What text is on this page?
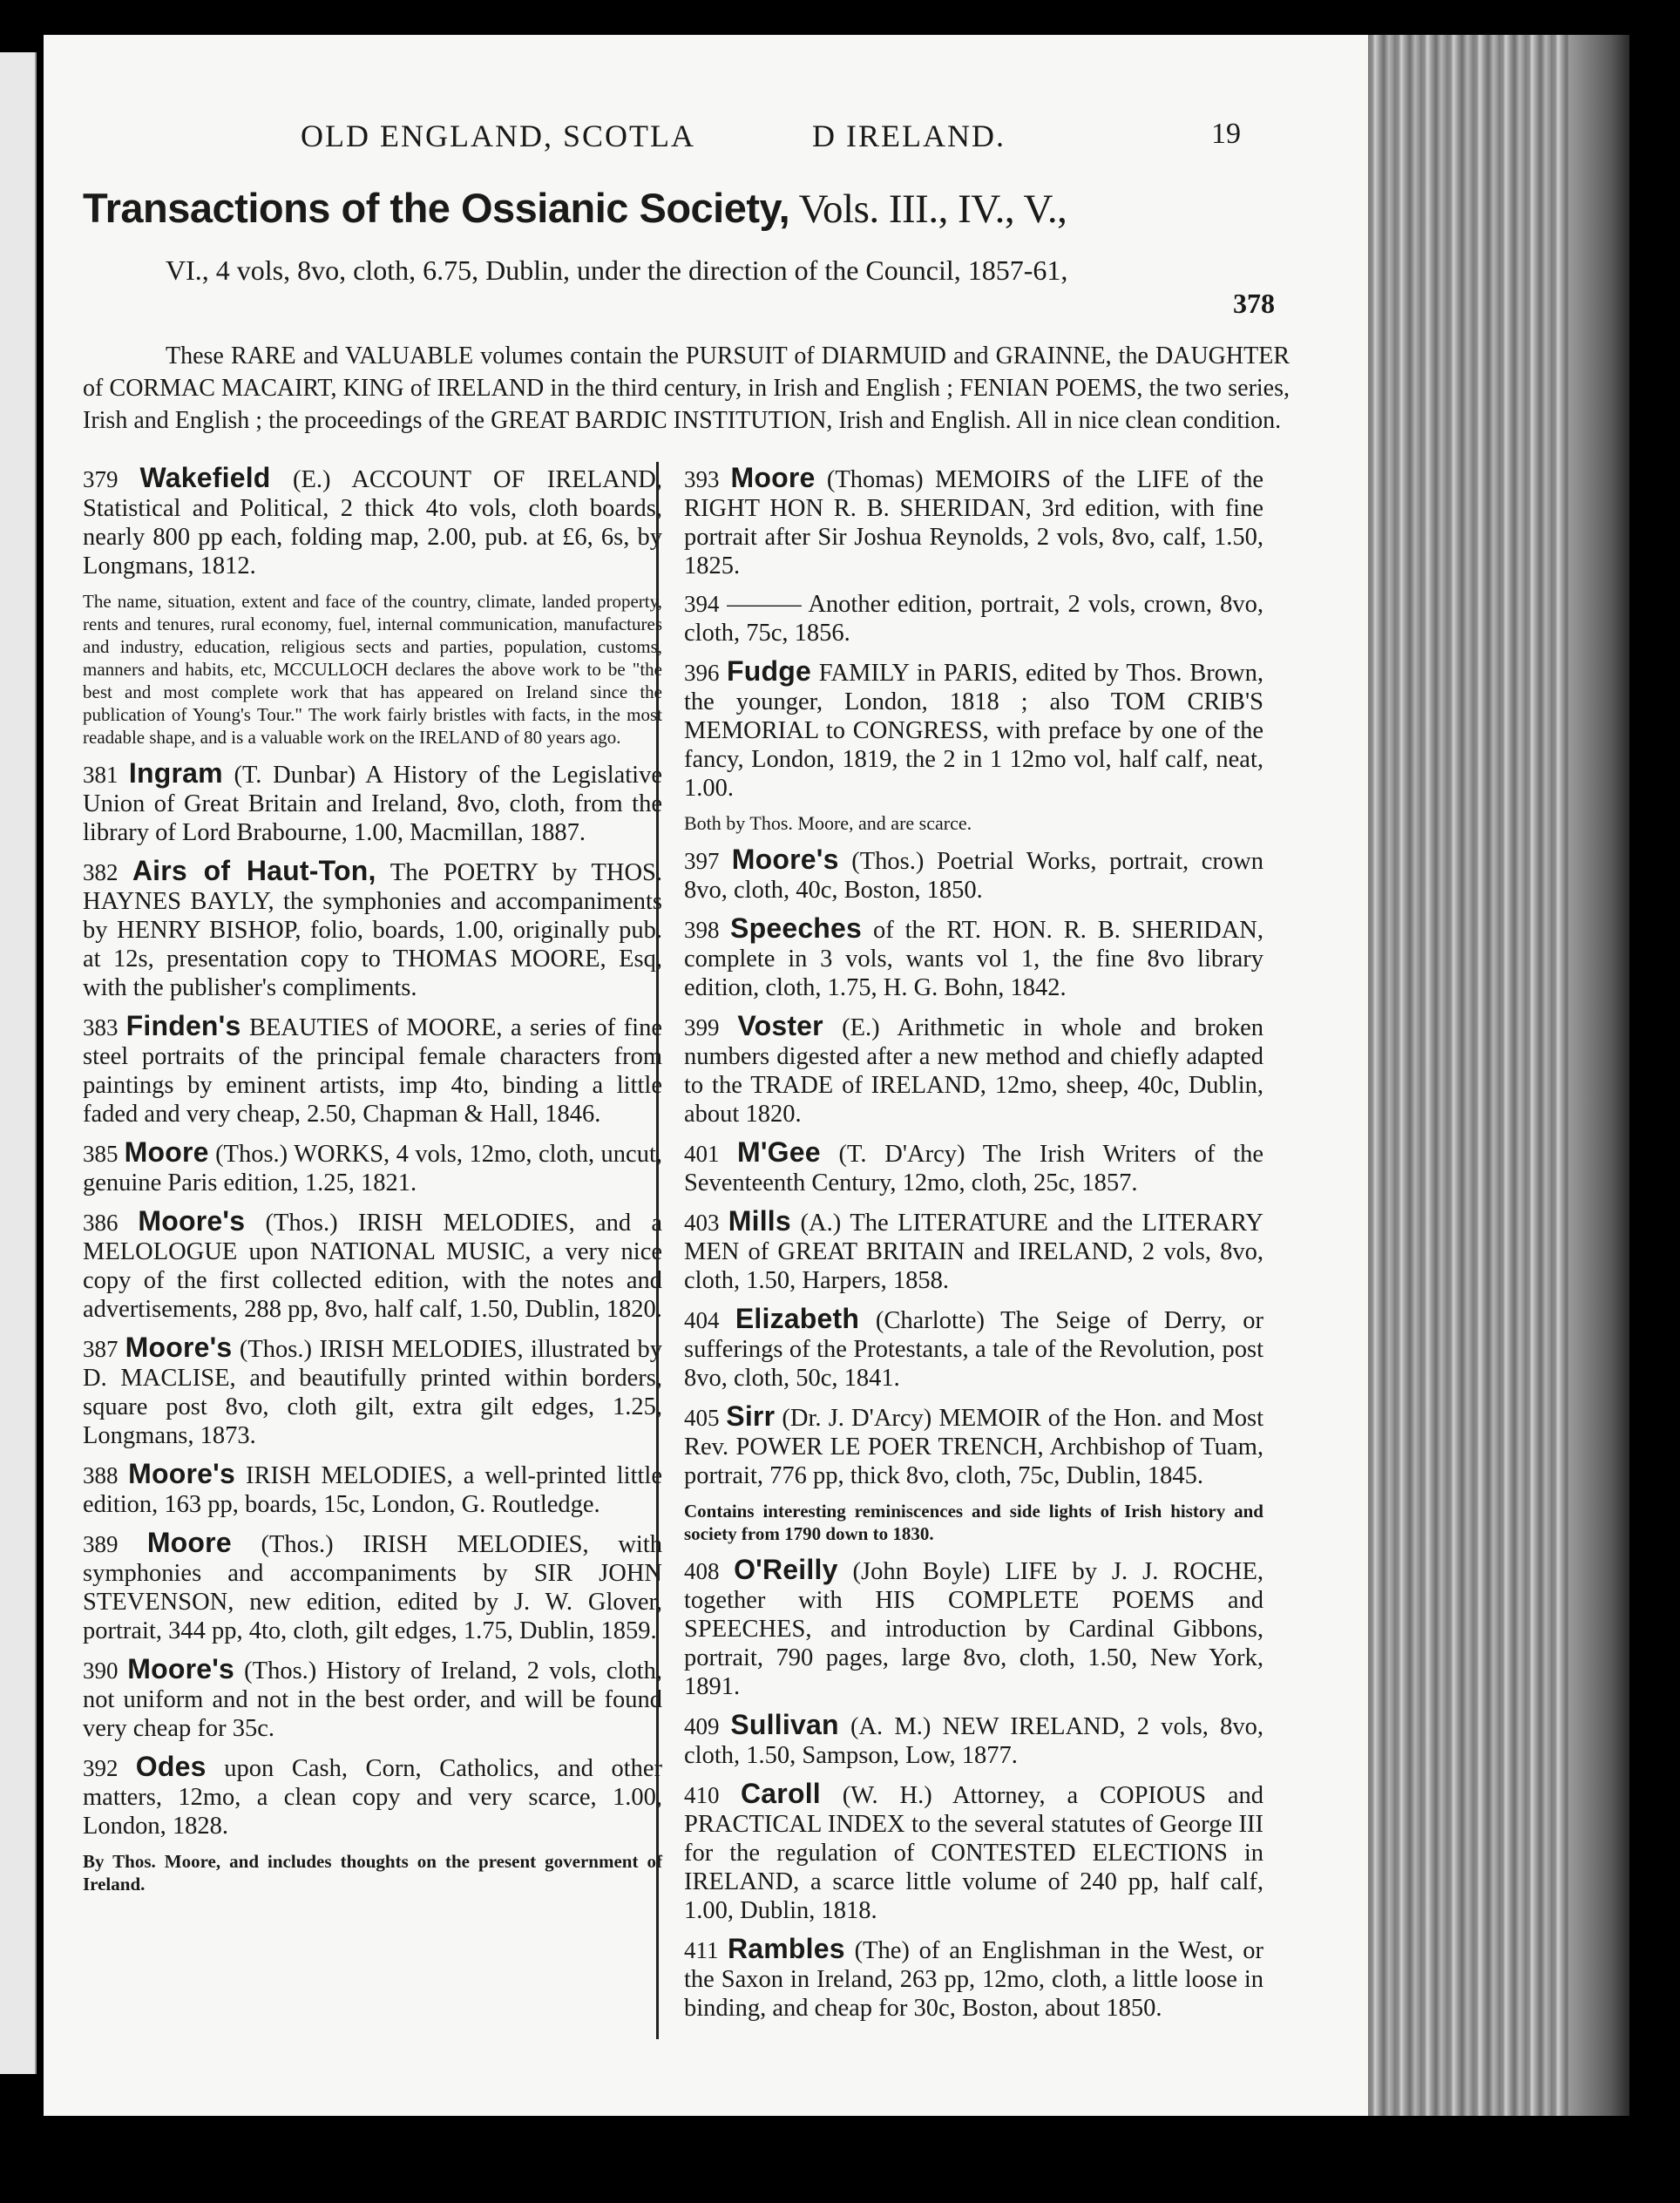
OLD ENGLAND, SCOTLA	D IRELAND.	19
Transactions of the Ossianic Society, Vols. III., IV., V.,
VI., 4 vols, 8vo, cloth, 6.75, Dublin, under the direction of the Council, 1857-61,
378
These RARE and VALUABLE volumes contain the PURSUIT of DIARMUID and GRAINNE, the DAUGHTER of CORMAC MACAIRT, KING of IRELAND in the third century, in Irish and English ; FENIAN POEMS, the two series, Irish and English ; the proceedings of the GREAT BARDIC INSTITUTION, Irish and English. All in nice clean condition.
379 Wakefield (E.) ACCOUNT OF IRELAND, Statistical and Political, 2 thick 4to vols, cloth boards, nearly 800 pp each, folding map, 2.00, pub. at £6, 6s, by Longmans, 1812.
The name, situation, extent and face of the country, climate, landed property, rents and tenures, rural economy, fuel, internal communication, manufactures and industry, education, religious sects and parties, population, customs, manners and habits, etc, MCCULLOCH declares the above work to be "the best and most complete work that has appeared on Ireland since the publication of Young's Tour." The work fairly bristles with facts, in the most readable shape, and is a valuable work on the IRELAND of 80 years ago.
381 Ingram (T. Dunbar) A History of the Legislative Union of Great Britain and Ireland, 8vo, cloth, from the library of Lord Brabourne, 1.00, Macmillan, 1887.
382 Airs of Haut-Ton, The POETRY by THOS. HAYNES BAYLY, the symphonies and accompaniments by HENRY BISHOP, folio, boards, 1.00, originally pub. at 12s, presentation copy to THOMAS MOORE, Esq, with the publisher's compliments.
383 Finden's BEAUTIES of MOORE, a series of fine steel portraits of the principal female characters from paintings by eminent artists, imp 4to, binding a little faded and very cheap, 2.50, Chapman & Hall, 1846.
385 Moore (Thos.) WORKS, 4 vols, 12mo, cloth, uncut, genuine Paris edition, 1.25, 1821.
386 Moore's (Thos.) IRISH MELODIES, and a MELOLOGUE upon NATIONAL MUSIC, a very nice copy of the first collected edition, with the notes and advertisements, 288 pp, 8vo, half calf, 1.50, Dublin, 1820.
387 Moore's (Thos.) IRISH MELODIES, illustrated by D. MACLISE, and beautifully printed within borders, square post 8vo, cloth gilt, extra gilt edges, 1.25, Longmans, 1873.
388 Moore's IRISH MELODIES, a well-printed little edition, 163 pp, boards, 15c, London, G. Routledge.
389 Moore (Thos.) IRISH MELODIES, with symphonies and accompaniments by SIR JOHN STEVENSON, new edition, edited by J. W. Glover, portrait, 344 pp, 4to, cloth, gilt edges, 1.75, Dublin, 1859.
390 Moore's (Thos.) History of Ireland, 2 vols, cloth, not uniform and not in the best order, and will be found very cheap for 35c.
392 Odes upon Cash, Corn, Catholics, and other matters, 12mo, a clean copy and very scarce, 1.00, London, 1828.
By Thos. Moore, and includes thoughts on the present government of Ireland.
393 Moore (Thomas) MEMOIRS of the LIFE of the RIGHT HON R. B. SHERIDAN, 3rd edition, with fine portrait after Sir Joshua Reynolds, 2 vols, 8vo, calf, 1.50, 1825.
394 ——— Another edition, portrait, 2 vols, crown, 8vo, cloth, 75c, 1856.
396 Fudge FAMILY in PARIS, edited by Thos. Brown, the younger, London, 1818 ; also TOM CRIB'S MEMORIAL to CONGRESS, with preface by one of the fancy, London, 1819, the 2 in 1 12mo vol, half calf, neat, 1.00.
Both by Thos. Moore, and are scarce.
397 Moore's (Thos.) Poetrial Works, portrait, crown 8vo, cloth, 40c, Boston, 1850.
398 Speeches of the RT. HON. R. B. SHERIDAN, complete in 3 vols, wants vol 1, the fine 8vo library edition, cloth, 1.75, H. G. Bohn, 1842.
399 Voster (E.) Arithmetic in whole and broken numbers digested after a new method and chiefly adapted to the TRADE of IRELAND, 12mo, sheep, 40c, Dublin, about 1820.
401 M'Gee (T. D'Arcy) The Irish Writers of the Seventeenth Century, 12mo, cloth, 25c, 1857.
403 Mills (A.) The LITERATURE and the LITERARY MEN of GREAT BRITAIN and IRELAND, 2 vols, 8vo, cloth, 1.50, Harpers, 1858.
404 Elizabeth (Charlotte) The Seige of Derry, or sufferings of the Protestants, a tale of the Revolution, post 8vo, cloth, 50c, 1841.
405 Sirr (Dr. J. D'Arcy) MEMOIR of the Hon. and Most Rev. POWER LE POER TRENCH, Archbishop of Tuam, portrait, 776 pp, thick 8vo, cloth, 75c, Dublin, 1845.
Contains interesting reminiscences and side lights of Irish history and society from 1790 down to 1830.
408 O'Reilly (John Boyle) LIFE by J. J. ROCHE, together with HIS COMPLETE POEMS and SPEECHES, and introduction by Cardinal Gibbons, portrait, 790 pages, large 8vo, cloth, 1.50, New York, 1891.
409 Sullivan (A. M.) NEW IRELAND, 2 vols, 8vo, cloth, 1.50, Sampson, Low, 1877.
410 Caroll (W. H.) Attorney, a COPIOUS and PRACTICAL INDEX to the several statutes of George III for the regulation of CONTESTED ELECTIONS in IRELAND, a scarce little volume of 240 pp, half calf, 1.00, Dublin, 1818.
411 Rambles (The) of an Englishman in the West, or the Saxon in Ireland, 263 pp, 12mo, cloth, a little loose in binding, and cheap for 30c, Boston, about 1850.
